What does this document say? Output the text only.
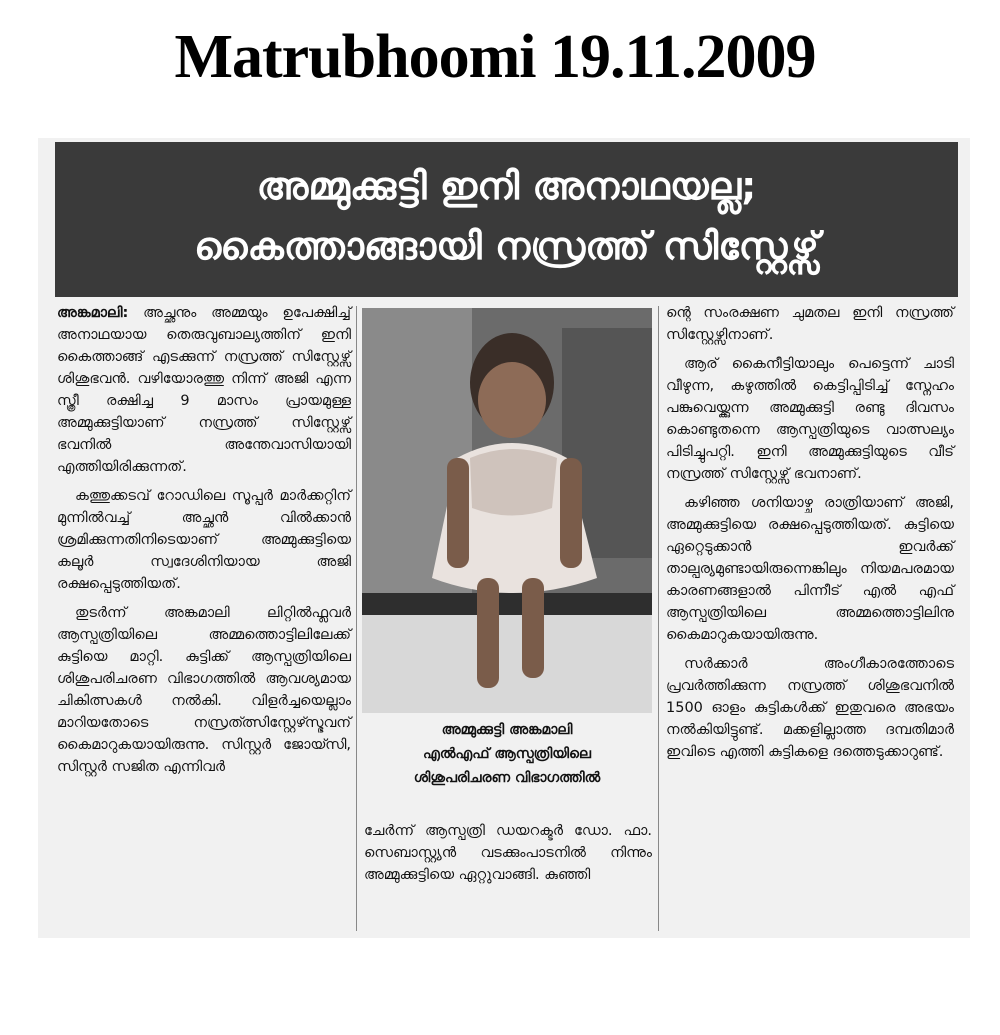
Matrubhoomi 19.11.2009
അമ്മുക്കുട്ടി ഇനി അനാഥയല്ല;
കൈത്താങ്ങായി നസ്രത്ത് സിസ്റ്റേഴ്സ്

അങ്കമാലി: അച്ഛനും അമ്മയും ഉപേക്ഷിച്ച് അനാഥയായ തെരുവുബാല്യത്തിന് ഇനി കൈത്താങ്ങ് എടക്കുന്ന് നസ്രത്ത് സിസ്റ്റേഴ്സ് ശിശുഭവൻ. വഴിയോരത്തു നിന്ന് അജി എന്ന സ്ത്രീ രക്ഷിച്ച 9 മാസം പ്രായമുള്ള അമ്മുക്കുട്ടിയാണ് നസ്രത്ത് സിസ്റ്റേഴ്സ് ഭവനിൽ അന്തേവാസിയായി എത്തിയിരിക്കുന്നത്.

കത്തുക്കടവ് റോഡിലെ സൂപ്പർ മാർക്കറ്റിന് മുന്നിൽവച്ച് അച്ഛൻ വിൽക്കാൻ ശ്രമിക്കുന്നതിനിടെയാണ് അമ്മുക്കുട്ടിയെ കലൂർ സ്വദേശിനിയായ അജി രക്ഷപ്പെടുത്തിയത്.

തുടർന്ന് അങ്കമാലി ലിറ്റിൽഫ്ലവർ ആസ്പത്രിയിലെ അമ്മത്തൊട്ടിലിലേക്ക് കുട്ടിയെ മാറ്റി. കുട്ടിക്ക് ആസ്പത്രിയിലെ ശിശുപരിചരണ വിഭാഗത്തിൽ ആവശ്യമായ ചികിത്സകൾ നൽകി. വിളർച്ചയെല്ലാം മാറിയതോടെ നസ്രത്ത്സിസ്റ്റേഴ്സ്ഭവന് കൈമാറുകയായിരുന്നു. സിസ്റ്റർ ജോയ്സി, സിസ്റ്റർ സജിത എന്നിവർ

അമ്മുക്കുട്ടി അങ്കമാലി
എൽഎഫ് ആസ്പത്രിയിലെ
ശിശുപരിചരണ വിഭാഗത്തിൽ

ചേർന്ന് ആസ്പത്രി ഡയറക്ടർ ഡോ. ഫാ. സെബാസ്റ്റ്യൻ വടക്കുംപാടനിൽ നിന്നും അമ്മുക്കുട്ടിയെ ഏറ്റുവാങ്ങി. കുഞ്ഞി

ന്റെ സംരക്ഷണ ചുമതല ഇനി നസ്രത്ത് സിസ്റ്റേഴ്സിനാണ്.

ആര് കൈനീട്ടിയാലും പെട്ടെന്ന് ചാടി വീഴുന്ന, കഴുത്തിൽ കെട്ടിപ്പിടിച്ച് സ്നേഹം പങ്കുവെയ്ക്കുന്ന അമ്മുക്കുട്ടി രണ്ടു ദിവസം കൊണ്ടുതന്നെ ആസ്പത്രിയുടെ വാത്സല്യം പിടിച്ചുപറ്റി. ഇനി അമ്മുക്കുട്ടിയുടെ വീട് നസ്രത്ത് സിസ്റ്റേഴ്സ് ഭവനാണ്.

കഴിഞ്ഞ ശനിയാഴ്ച രാത്രിയാണ് അജി, അമ്മുക്കുട്ടിയെ രക്ഷപ്പെടുത്തിയത്. കുട്ടിയെ ഏറ്റെടുക്കാൻ ഇവർക്ക് താല്പര്യമുണ്ടായിരുന്നെങ്കിലും നിയമപരമായ കാരണങ്ങളാൽ പിന്നീട് എൽ എഫ് ആസ്പത്രിയിലെ അമ്മത്തൊട്ടിലിനു കൈമാറുകയായിരുന്നു.

സർക്കാർ അംഗീകാരത്തോടെ പ്രവർത്തിക്കുന്ന നസ്രത്ത് ശിശുഭവനിൽ 1500 ഓളം കുട്ടികൾക്ക് ഇതുവരെ അഭയം നൽകിയിട്ടുണ്ട്. മക്കളില്ലാത്ത ദമ്പതിമാർ ഇവിടെ എത്തി കുട്ടികളെ ദത്തെടുക്കാറുണ്ട്.
